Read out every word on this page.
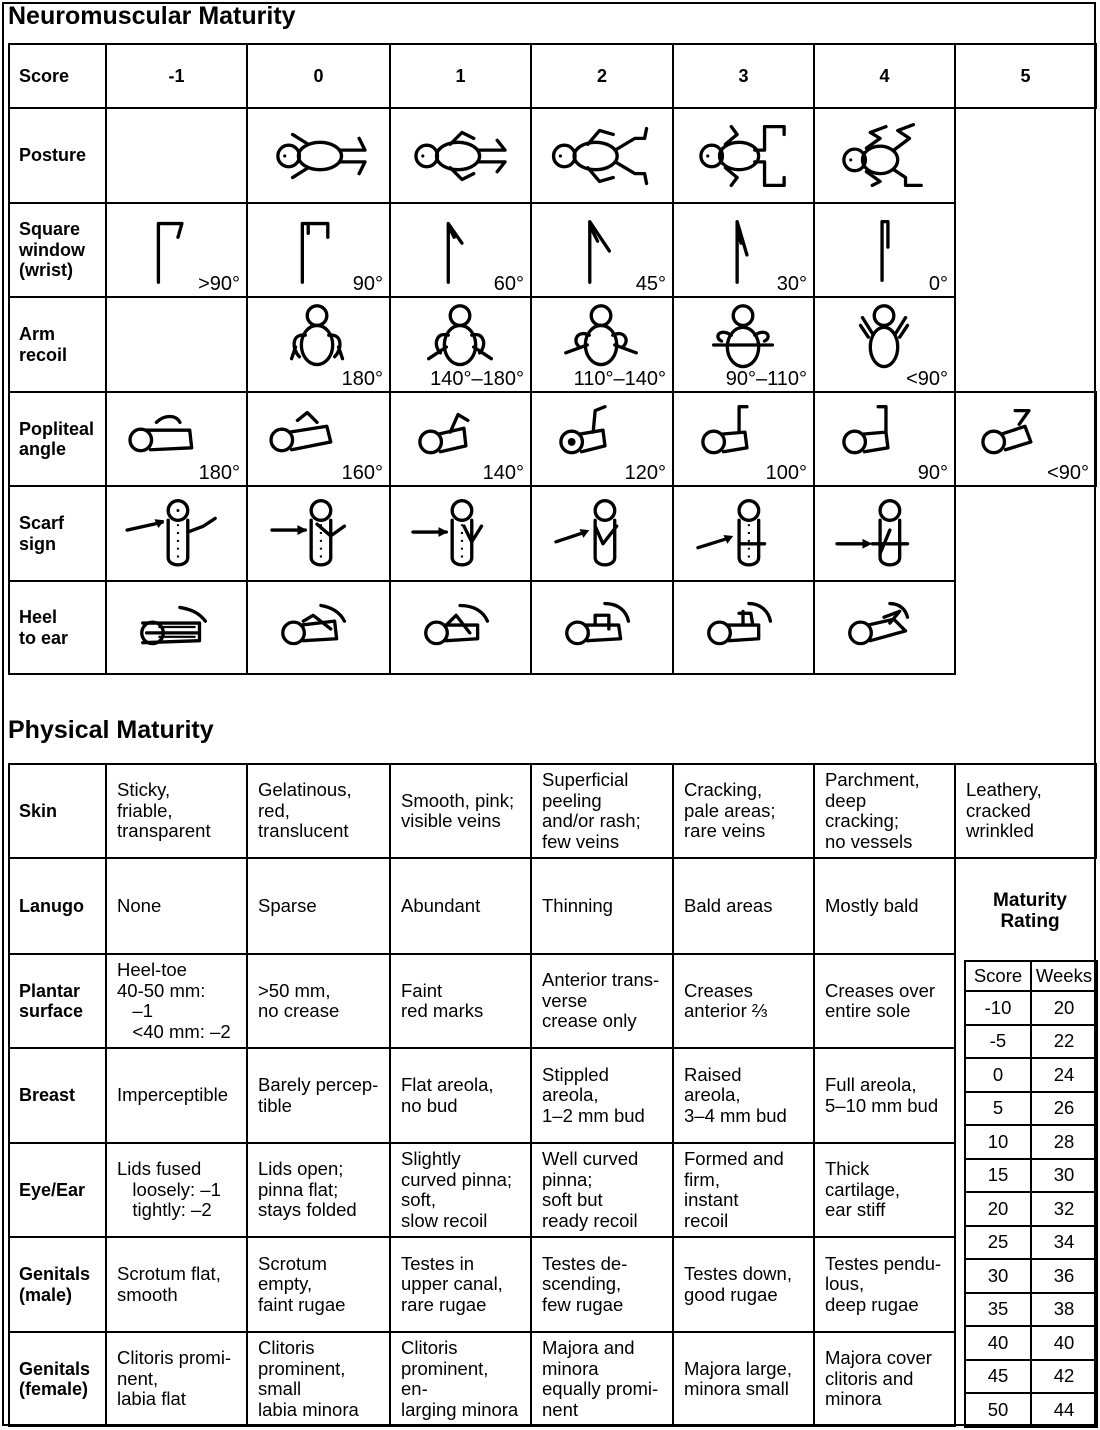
Neuromuscular Maturity
Score	-1	0	1	2	3	4	5
Posture		

Square
window
(wrist)	>90°	90°	60°	45°	30°	0°	

Arm
recoil		180°	140°–180°	110°–140°	90°–110°	<90°	

Popliteal
angle	180°	160°	140°	120°	100°	90°	<90°

Scarf
sign	

Heel
to ear	

Physical Maturity
Skin	Sticky,
friable,
transparent	Gelatinous,
red,
translucent	Smooth, pink;
visible veins	Superficial
peeling
and/or rash;
few veins	Cracking,
pale areas;
rare veins	Parchment,
deep
cracking;
no vessels	Leathery,
cracked
wrinkled
Lanugo	None	Sparse	Abundant	Thinning	Bald areas	Mostly bald	
Plantar
surface	Heel-toe
40-50 mm:
–1
<40 mm: –2	>50 mm,
no crease	Faint
red marks	Anterior trans-
verse
crease only	Creases
anterior ⅔	Creases over
entire sole	
Breast	Imperceptible	Barely percep-
tible	Flat areola,
no bud	Stippled
areola,
1–2 mm bud	Raised
areola,
3–4 mm bud	Full areola,
5–10 mm bud	
Eye/Ear	Lids fused
loosely: –1
tightly: –2	Lids open;
pinna flat;
stays folded	Slightly
curved pinna;
soft,
slow recoil	Well curved
pinna;
soft but
ready recoil	Formed and
firm,
instant
recoil	Thick
cartilage,
ear stiff	
Genitals
(male)	Scrotum flat,
smooth	Scrotum
empty,
faint rugae	Testes in
upper canal,
rare rugae	Testes de-
scending,
few rugae	Testes down,
good rugae	Testes pendu-
lous,
deep rugae	
Genitals
(female)	Clitoris promi-
nent,
labia flat	Clitoris
prominent,
small
labia minora	Clitoris
prominent, en-
larging minora	Majora and
minora
equally promi-
nent	Majora large,
minora small	Majora cover
clitoris and
minora	
Maturity
Rating
Score	Weeks
-10	20
-5	22
0	24
5	26
10	28
15	30
20	32
25	34
30	36
35	38
40	40
45	42
50	44
